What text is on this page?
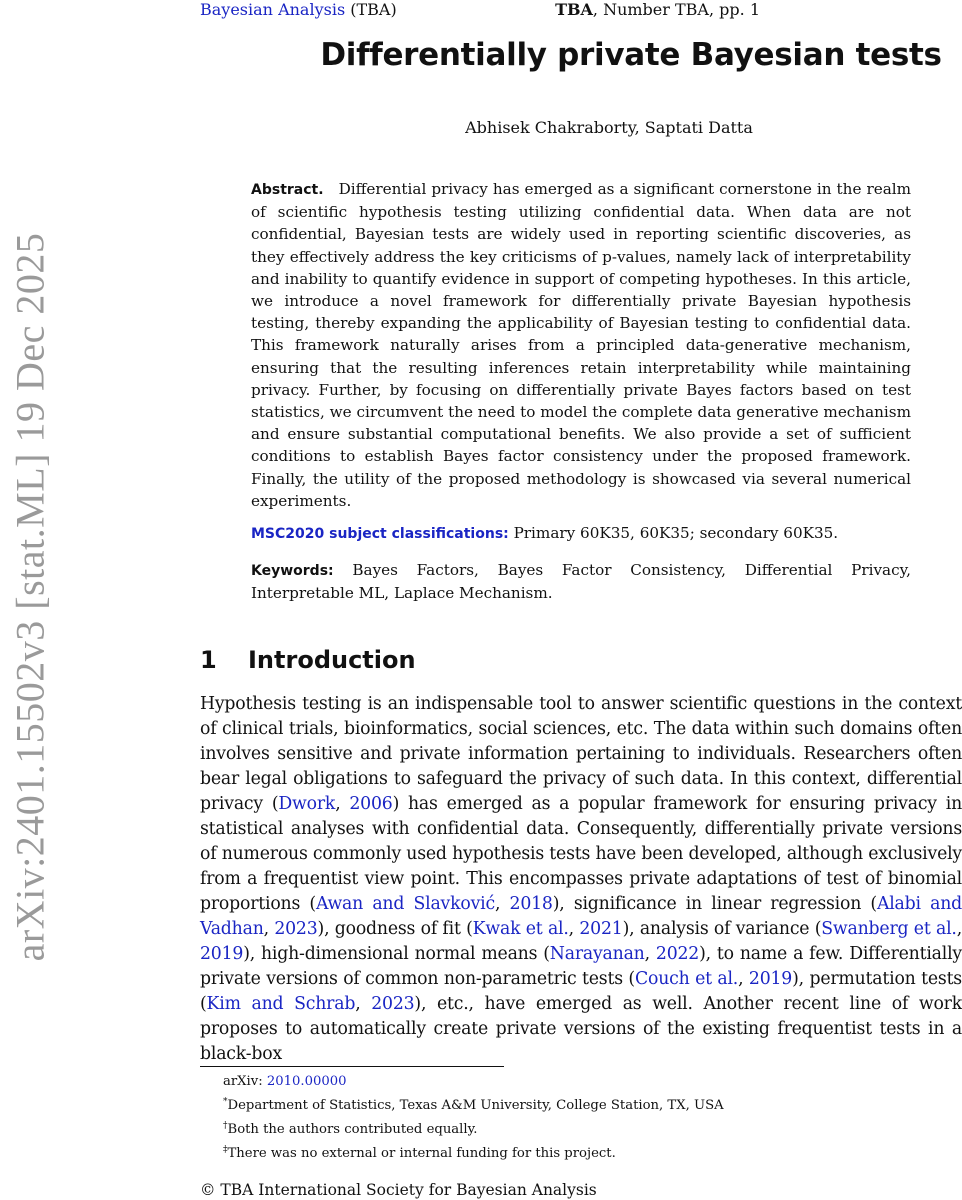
Bayesian Analysis (TBA)	TBA, Number TBA, pp. 1
arXiv:2401.15502v3 [stat.ML] 19 Dec 2025
Differentially private Bayesian tests
Abhisek Chakraborty, Saptati Datta

Abstract. Differential privacy has emerged as a significant cornerstone in the realm of scientific hypothesis testing utilizing confidential data. When data are not confidential, Bayesian tests are widely used in reporting scientific discoveries, as they effectively address the key criticisms of p-values, namely lack of interpretability and inability to quantify evidence in support of competing hypotheses. In this article, we introduce a novel framework for differentially private Bayesian hypothesis testing, thereby expanding the applicability of Bayesian testing to confidential data. This framework naturally arises from a principled data-generative mechanism, ensuring that the resulting inferences retain interpretability while maintaining privacy. Further, by focusing on differentially private Bayes factors based on test statistics, we circumvent the need to model the complete data generative mechanism and ensure substantial computational benefits. We also provide a set of sufficient conditions to establish Bayes factor consistency under the proposed framework. Finally, the utility of the proposed methodology is showcased via several numerical experiments.

MSC2020 subject classifications: Primary 60K35, 60K35; secondary 60K35.

Keywords: Bayes Factors, Bayes Factor Consistency, Differential Privacy, Interpretable ML, Laplace Mechanism.

1 Introduction

Hypothesis testing is an indispensable tool to answer scientific questions in the context of clinical trials, bioinformatics, social sciences, etc. The data within such domains often involves sensitive and private information pertaining to individuals. Researchers often bear legal obligations to safeguard the privacy of such data. In this context, differential privacy (Dwork, 2006) has emerged as a popular framework for ensuring privacy in statistical analyses with confidential data. Consequently, differentially private versions of numerous commonly used hypothesis tests have been developed, although exclusively from a frequentist view point. This encompasses private adaptations of test of binomial proportions (Awan and Slavković, 2018), significance in linear regression (Alabi and Vadhan, 2023), goodness of fit (Kwak et al., 2021), analysis of variance (Swanberg et al., 2019), high-dimensional normal means (Narayanan, 2022), to name a few. Differentially private versions of common non-parametric tests (Couch et al., 2019), permutation tests (Kim and Schrab, 2023), etc., have emerged as well. Another recent line of work proposes to automatically create private versions of the existing frequentist tests in a black-box

arXiv: 2010.00000
*Department of Statistics, Texas A&M University, College Station, TX, USA
†Both the authors contributed equally.
‡There was no external or internal funding for this project.
© TBA International Society for Bayesian Analysis
